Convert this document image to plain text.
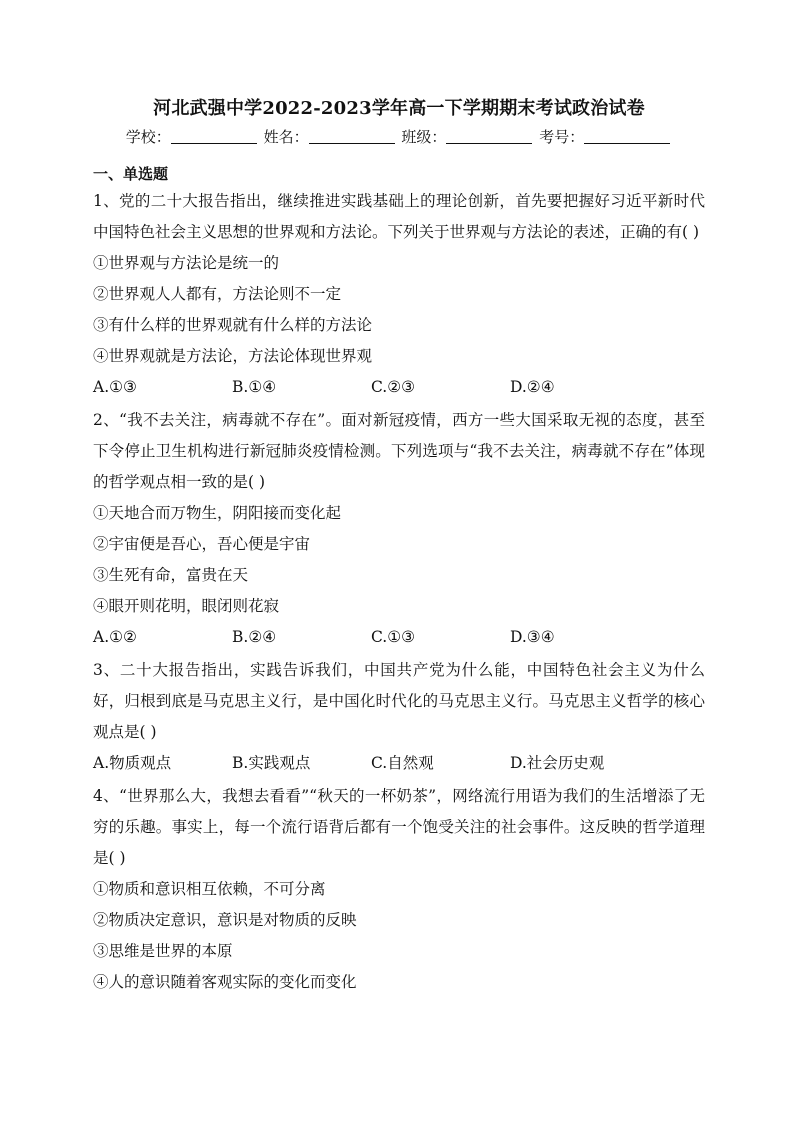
河北武强中学2022-2023学年高一下学期期末考试政治试卷
学校：	姓名：	班级：	考号：
一、单选题

1、党的二十大报告指出，继续推进实践基础上的理论创新，首先要把握好习近平新时代中国特色社会主义思想的世界观和方法论。下列关于世界观与方法论的表述，正确的有( )

①世界观与方法论是统一的

②世界观人人都有，方法论则不一定

③有什么样的世界观就有什么样的方法论

④世界观就是方法论，方法论体现世界观

A.①③	B.①④	C.②③	D.②④

2、“我不去关注，病毒就不存在”。面对新冠疫情，西方一些大国采取无视的态度，甚至下令停止卫生机构进行新冠肺炎疫情检测。下列选项与“我不去关注，病毒就不存在”体现的哲学观点相一致的是( )

①天地合而万物生，阴阳接而变化起

②宇宙便是吾心，吾心便是宇宙

③生死有命，富贵在天

④眼开则花明，眼闭则花寂

A.①②	B.②④	C.①③	D.③④

3、二十大报告指出，实践告诉我们，中国共产党为什么能，中国特色社会主义为什么好，归根到底是马克思主义行，是中国化时代化的马克思主义行。马克思主义哲学的核心观点是( )

A.物质观点	B.实践观点	C.自然观	D.社会历史观

4、“世界那么大，我想去看看”“秋天的一杯奶茶”，网络流行用语为我们的生活增添了无穷的乐趣。事实上，每一个流行语背后都有一个饱受关注的社会事件。这反映的哲学道理是( )

①物质和意识相互依赖，不可分离

②物质决定意识，意识是对物质的反映

③思维是世界的本原

④人的意识随着客观实际的变化而变化
